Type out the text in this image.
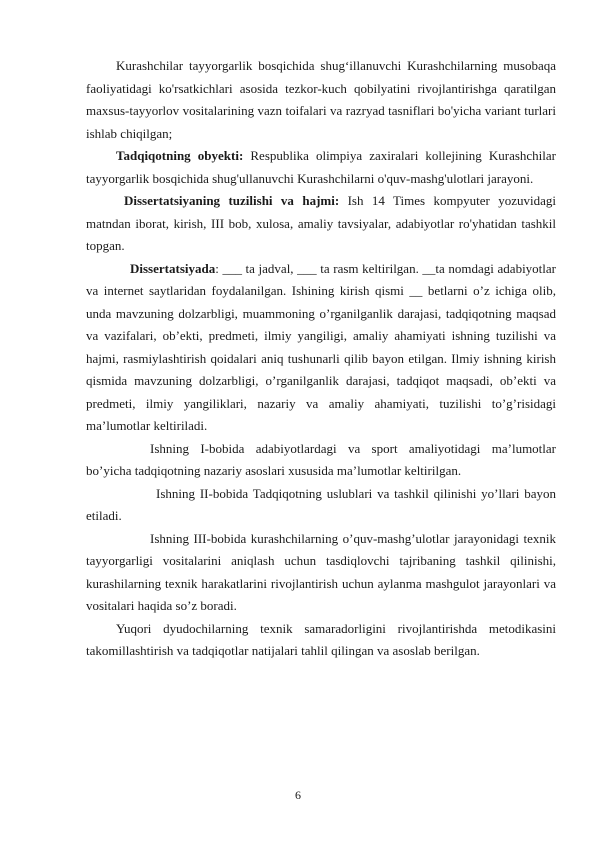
Kurashchilar tayyorgarlik bosqichida shug‘illanuvchi Kurashchilarning musobaqa faoliyatidagi ko'rsatkichlari asosida tezkor-kuch qobilyatini rivojlantirishga qaratilgan maxsus-tayyorlov vositalarining vazn toifalari va razryad tasniflari bo'yicha variant turlari ishlab chiqilgan;

Tadqiqotning obyekti: Respublika olimpiya zaxiralari kollejining Kurashchilar tayyorgarlik bosqichida shug'ullanuvchi Kurashchilarni o'quv-mashg'ulotlari jarayoni.

Dissertatsiyaning tuzilishi va hajmi: Ish 14 Times kompyuter yozuvidagi matndan iborat, kirish, III bob, xulosa, amaliy tavsiyalar, adabiyotlar ro'yhatidan tashkil topgan.

Dissertatsiyada: ___ ta jadval, ___ ta rasm keltirilgan. __ta nomdagi adabiyotlar va internet saytlaridan foydalanilgan. Ishining kirish qismi __ betlarni o’z ichiga olib, unda mavzuning dolzarbligi, muammoning o’rganilganlik darajasi, tadqiqotning maqsad va vazifalari, ob’ekti, predmeti, ilmiy yangiligi, amaliy ahamiyati ishning tuzilishi va hajmi, rasmiylashtirish qoidalari aniq tushunarli qilib bayon etilgan. Ilmiy ishning kirish qismida mavzuning dolzarbligi, o’rganilganlik darajasi, tadqiqot maqsadi, ob’ekti va predmeti, ilmiy yangiliklari, nazariy va amaliy ahamiyati, tuzilishi to’g’risidagi ma’lumotlar keltiriladi.

Ishning I-bobida adabiyotlardagi va sport amaliyotidagi ma’lumotlar bo’yicha tadqiqotning nazariy asoslari xususida ma’lumotlar keltirilgan.

Ishning II-bobida Tadqiqotning uslublari va tashkil qilinishi yo’llari bayon etiladi.

Ishning III-bobida kurashchilarning o’quv-mashg’ulotlar jarayonidagi texnik tayyorgarligi vositalarini aniqlash uchun tasdiqlovchi tajribaning tashkil qilinishi, kurashilarning texnik harakatlarini rivojlantirish uchun aylanma mashgulot jarayonlari va vositalari haqida so’z boradi.

Yuqori dyudochilarning texnik samaradorligini rivojlantirishda metodikasini takomillashtirish va tadqiqotlar natijalari tahlil qilingan va asoslab berilgan.

6
